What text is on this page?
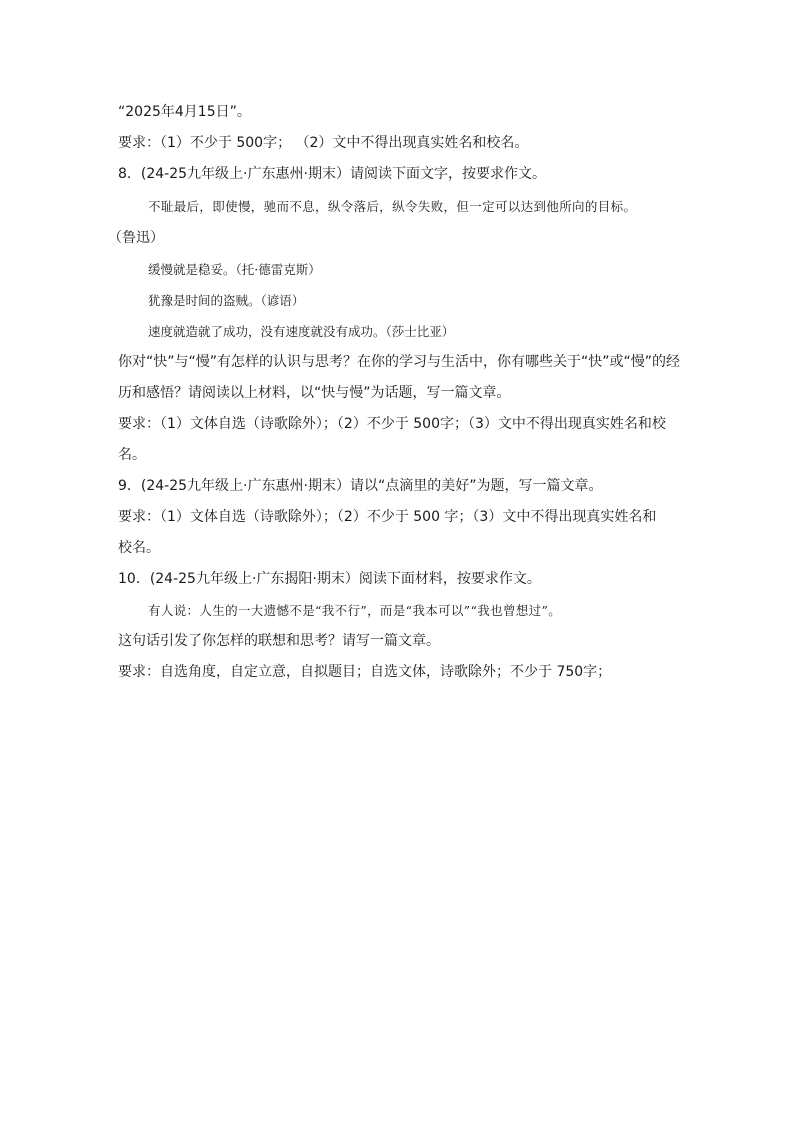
“2025年4月15日”。
要求：（1）不少于 500字； （2）文中不得出现真实姓名和校名。
8．(24-25九年级上·广东惠州·期末）请阅读下面文字，按要求作文。
不耻最后，即使慢，驰而不息，纵令落后，纵令失败，但一定可以达到他所向的目标。
（鲁迅）
缓慢就是稳妥。（托·德雷克斯）
犹豫是时间的盗贼。（谚语）
速度就造就了成功，没有速度就没有成功。（莎士比亚）
你对“快”与“慢”有怎样的认识与思考？在你的学习与生活中，你有哪些关于“快”或“慢”的经
历和感悟？请阅读以上材料，以“快与慢”为话题，写一篇文章。
要求：（1）文体自选（诗歌除外）；（2）不少于 500字；（3）文中不得出现真实姓名和校
名。
9．(24-25九年级上·广东惠州·期末）请以“点滴里的美好”为题，写一篇文章。
要求：（1）文体自选（诗歌除外）；（2）不少于 500 字；（3）文中不得出现真实姓名和
校名。
10．(24-25九年级上·广东揭阳·期末）阅读下面材料，按要求作文。
有人说：人生的一大遗憾不是“我不行”，而是“我本可以”“我也曾想过”。
这句话引发了你怎样的联想和思考？请写一篇文章。
要求：自选角度，自定立意，自拟题目；自选文体，诗歌除外；不少于 750字；
